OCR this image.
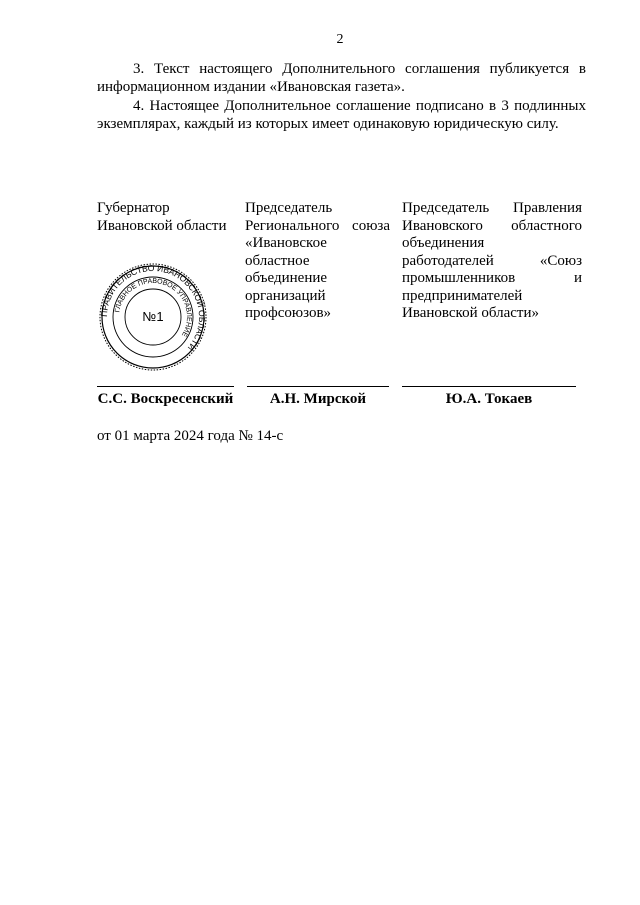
2
3. Текст настоящего Дополнительного соглашения публикуется в
информационном издании «Ивановская газета».
4. Настоящее Дополнительное соглашение подписано в 3 подлинных
экземплярах, каждый из которых имеет одинаковую юридическую силу.
Губернатор
Ивановской области
Председатель
Регионального союза
«Ивановское
областное
объединение
организаций
профсоюзов»
Председатель Правления
Ивановского областного
объединения
работодателей	«Союз
промышленников	и
предпринимателей
Ивановской области»
ПРАВИТЕЛЬСТВО ИВАНОВСКОЙ ОБЛАСТИ
ГЛАВНОЕ ПРАВОВОЕ УПРАВЛЕНИЕ
№1
С.С. Воскресенский	А.Н. Мирской	Ю.А. Токаев
от 01 марта 2024 года № 14-с
